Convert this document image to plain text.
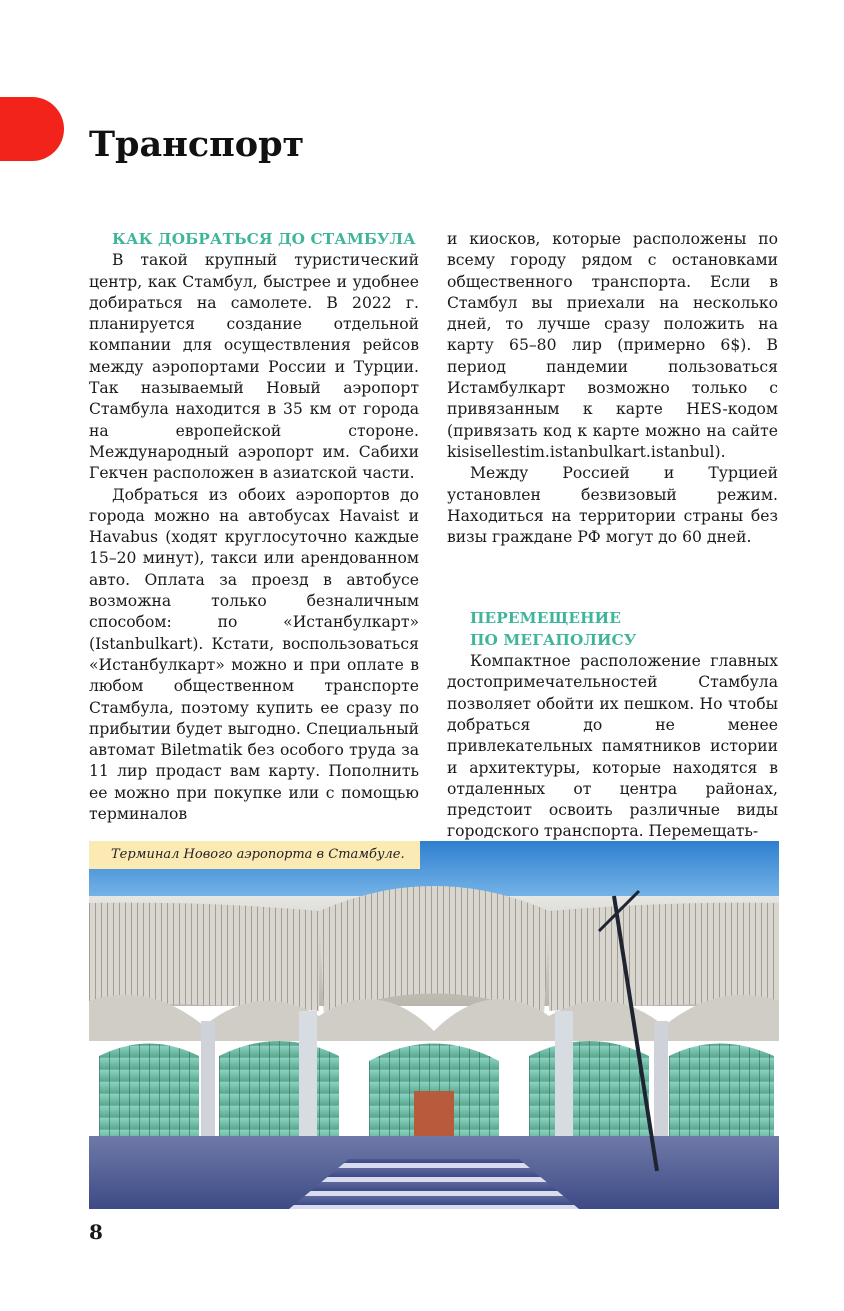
Транспорт
КАК ДОБРАТЬСЯ ДО СТАМБУЛА

В такой крупный туристический центр, как Стамбул, быстрее и удобнее добираться на самолете. В 2022 г. планируется создание отдельной компании для осуществления рейсов между аэропортами России и Турции. Так называемый Новый аэропорт Стамбула находится в 35 км от города на европейской стороне. Международный аэропорт им. Сабихи Гекчен расположен в азиатской части.

Добраться из обоих аэропортов до города можно на автобусах Havaist и Havabus (ходят круглосуточно каждые 15–20 минут), такси или арендованном авто. Оплата за проезд в автобусе возможна только безналичным способом: по «Истанбулкарт» (Istanbulkart). Кстати, воспользоваться «Истанбулкарт» можно и при оплате в любом общественном транспорте Стамбула, поэтому купить ее сразу по прибытии будет выгодно. Специальный автомат Biletmatik без особого труда за 11 лир продаст вам карту. Пополнить ее можно при покупке или с помощью терминалов

и киосков, которые расположены по всему городу рядом с остановками общественного транспорта. Если в Стамбул вы приехали на несколько дней, то лучше сразу положить на карту 65–80 лир (примерно 6$). В период пандемии пользоваться Истамбулкарт возможно только с привязанным к карте HES-кодом (привязать код к карте можно на сайте kisisellestim.istanbulkart.istanbul).

Между Россией и Турцией установлен безвизовый режим. Находиться на территории страны без визы граждане РФ могут до 60 дней.

ПЕРЕМЕЩЕНИЕ
ПО МЕГАПОЛИСУ

Компактное расположение главных достопримечательностей Стамбула позволяет обойти их пешком. Но чтобы добраться до не менее привлекательных памятников истории и архитектуры, которые находятся в отдаленных от центра районах, предстоит освоить различные виды городского транспорта. Перемещать-

Терминал Нового аэропорта в Стамбуле.
8
